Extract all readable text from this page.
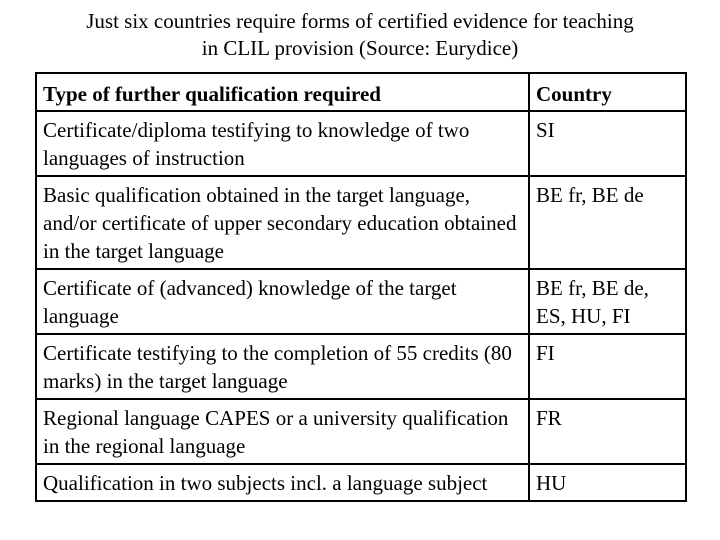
Just six countries require forms of certified evidence for teaching
in CLIL provision (Source: Eurydice)
Type of further qualification required	Country
Certificate/diploma testifying to knowledge of two languages of instruction	SI
Basic qualification obtained in the target language, and/or certificate of upper secondary education obtained in the target language	BE fr, BE de
Certificate of (advanced) knowledge of the target language	BE fr, BE de, ES, HU, FI
Certificate testifying to the completion of 55 credits (80 marks) in the target language	FI
Regional language CAPES or a university qualification in the regional language	FR
Qualification in two subjects incl. a language subject	HU
